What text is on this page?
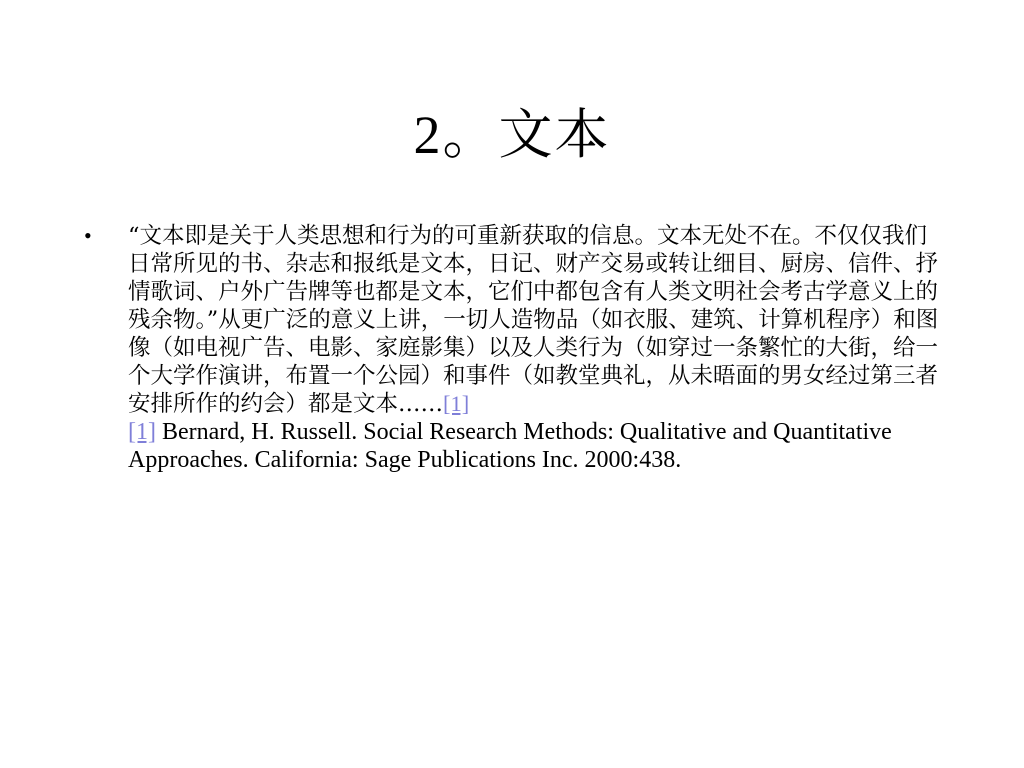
2。文本
•	“文本即是关于人类思想和行为的可重新获取的信息。文本无处不在。不仅仅我们日常所见的书、杂志和报纸是文本，日记、财产交易或转让细目、厨房、信件、抒情歌词、户外广告牌等也都是文本，它们中都包含有人类文明社会考古学意义上的残余物。”从更广泛的意义上讲，一切人造物品（如衣服、建筑、计算机程序）和图像（如电视广告、电影、家庭影集）以及人类行为（如穿过一条繁忙的大街，给一个大学作演讲，布置一个公园）和事件（如教堂典礼，从未晤面的男女经过第三者安排所作的约会）都是文本……[1]
[1] Bernard, H. Russell. Social Research Methods: Qualitative and Quantitative Approaches. California: Sage Publications Inc. 2000:438.
